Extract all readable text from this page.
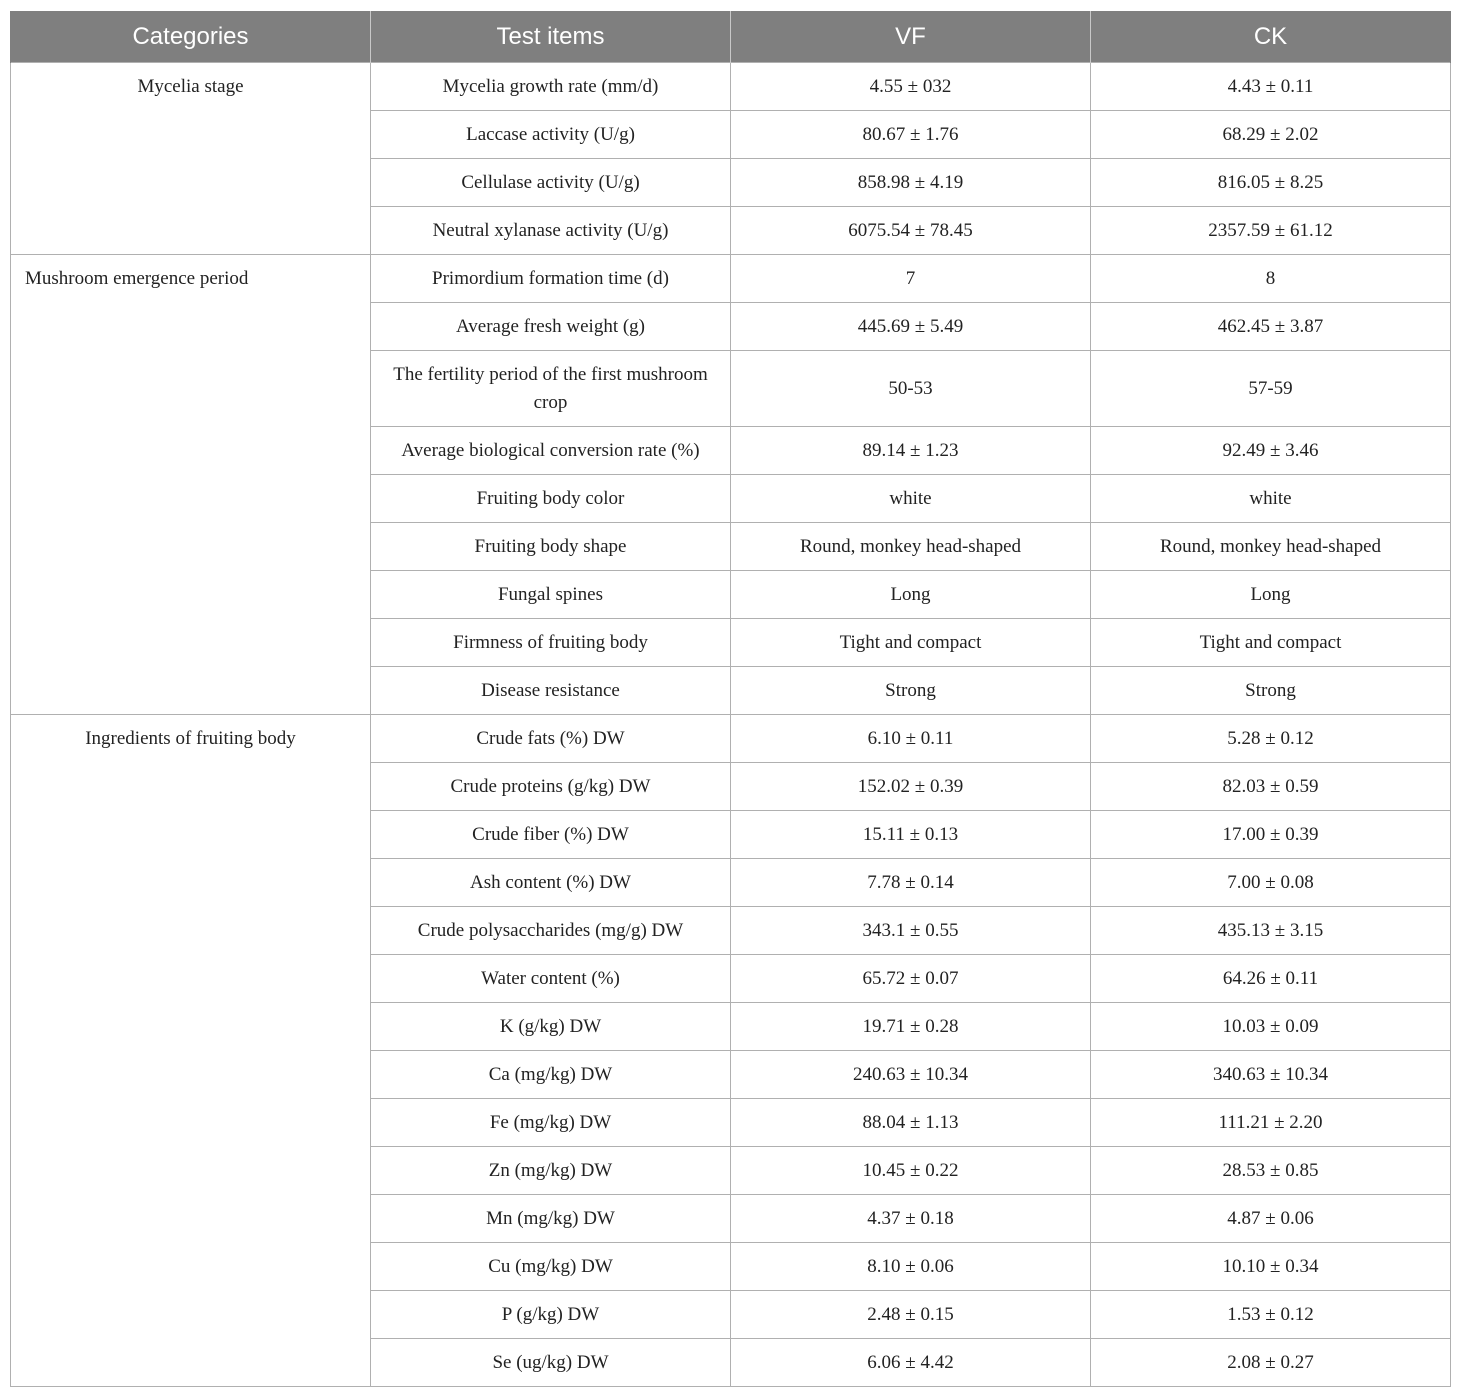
Categories	Test items	VF	CK
Mycelia stage	Mycelia growth rate (mm/d)	4.55 ± 032	4.43 ± 0.11
	Laccase activity (U/g)	80.67 ± 1.76	68.29 ± 2.02
	Cellulase activity (U/g)	858.98 ± 4.19	816.05 ± 8.25
	Neutral xylanase activity (U/g)	6075.54 ± 78.45	2357.59 ± 61.12
Mushroom emergence period	Primordium formation time (d)	7	8
	Average fresh weight (g)	445.69 ± 5.49	462.45 ± 3.87
	The fertility period of the first mushroom crop	50-53	57-59
	Average biological conversion rate (%)	89.14 ± 1.23	92.49 ± 3.46
	Fruiting body color	white	white
	Fruiting body shape	Round, monkey head-shaped	Round, monkey head-shaped
	Fungal spines	Long	Long
	Firmness of fruiting body	Tight and compact	Tight and compact
	Disease resistance	Strong	Strong
Ingredients of fruiting body	Crude fats (%) DW	6.10 ± 0.11	5.28 ± 0.12
	Crude proteins (g/kg) DW	152.02 ± 0.39	82.03 ± 0.59
	Crude fiber (%) DW	15.11 ± 0.13	17.00 ± 0.39
	Ash content (%) DW	7.78 ± 0.14	7.00 ± 0.08
	Crude polysaccharides (mg/g) DW	343.1 ± 0.55	435.13 ± 3.15
	Water content (%)	65.72 ± 0.07	64.26 ± 0.11
	K (g/kg) DW	19.71 ± 0.28	10.03 ± 0.09
	Ca (mg/kg) DW	240.63 ± 10.34	340.63 ± 10.34
	Fe (mg/kg) DW	88.04 ± 1.13	111.21 ± 2.20
	Zn (mg/kg) DW	10.45 ± 0.22	28.53 ± 0.85
	Mn (mg/kg) DW	4.37 ± 0.18	4.87 ± 0.06
	Cu (mg/kg) DW	8.10 ± 0.06	10.10 ± 0.34
	P (g/kg) DW	2.48 ± 0.15	1.53 ± 0.12
	Se (ug/kg) DW	6.06 ± 4.42	2.08 ± 0.27
